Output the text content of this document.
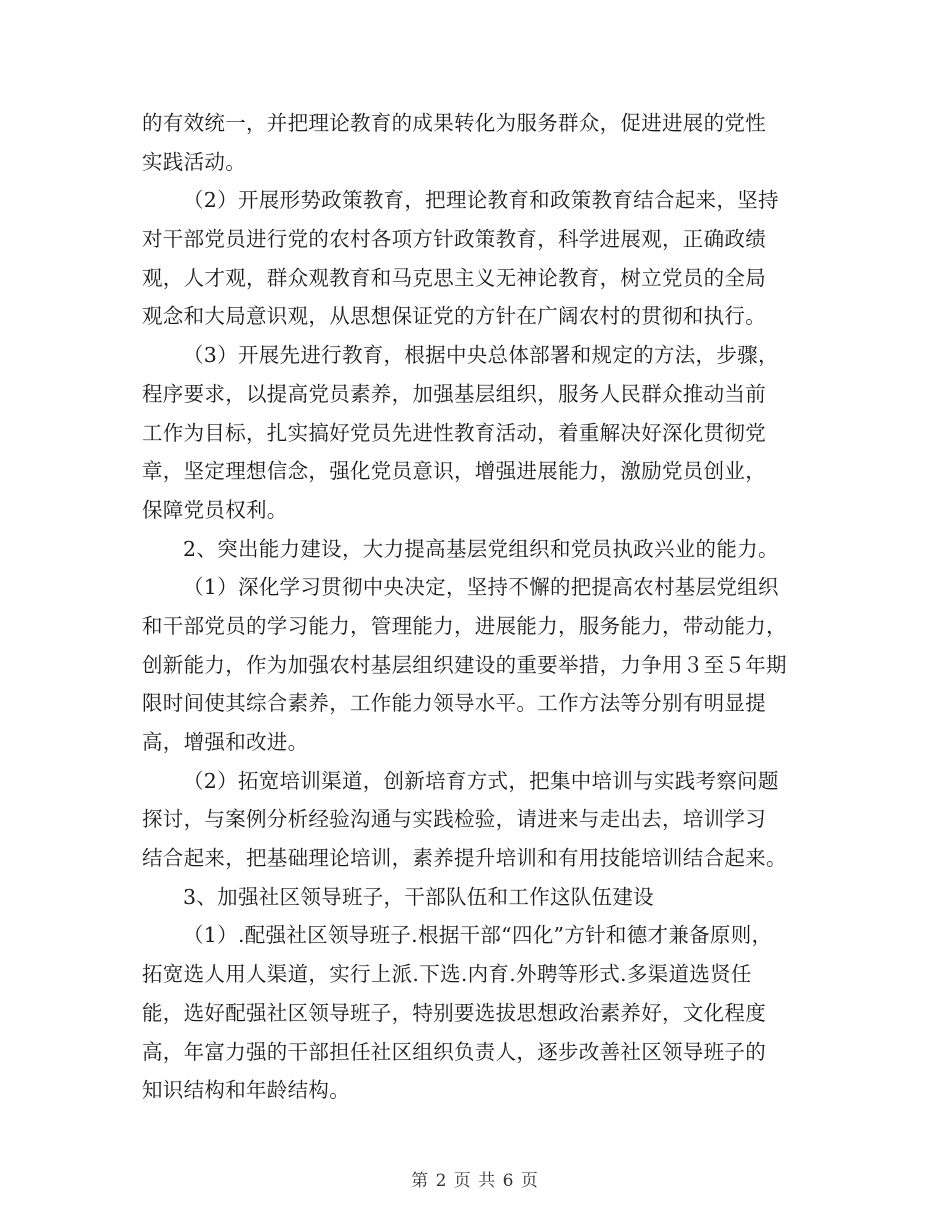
的有效统一，并把理论教育的成果转化为服务群众，促进进展的党性
实践活动。
（2）开展形势政策教育，把理论教育和政策教育结合起来，坚持
对干部党员进行党的农村各项方针政策教育，科学进展观，正确政绩
观，人才观，群众观教育和马克思主义无神论教育，树立党员的全局
观念和大局意识观，从思想保证党的方针在广阔农村的贯彻和执行。
（3）开展先进行教育，根据中央总体部署和规定的方法，步骤，
程序要求，以提高党员素养，加强基层组织，服务人民群众推动当前
工作为目标，扎实搞好党员先进性教育活动，着重解决好深化贯彻党
章，坚定理想信念，强化党员意识，增强进展能力，激励党员创业，
保障党员权利。
2、突出能力建设，大力提高基层党组织和党员执政兴业的能力。
（1）深化学习贯彻中央决定，坚持不懈的把提高农村基层党组织
和干部党员的学习能力，管理能力，进展能力，服务能力，带动能力，
创新能力，作为加强农村基层组织建设的重要举措，力争用３至５年期
限时间使其综合素养，工作能力领导水平。工作方法等分别有明显提
高，增强和改进。
（2）拓宽培训渠道，创新培育方式，把集中培训与实践考察问题
探讨，与案例分析经验沟通与实践检验，请进来与走出去，培训学习
结合起来，把基础理论培训，素养提升培训和有用技能培训结合起来。
3、加强社区领导班子，干部队伍和工作这队伍建设
（1）.配强社区领导班子.根据干部“四化”方针和德才兼备原则，
拓宽选人用人渠道，实行上派.下选.内育.外聘等形式.多渠道选贤任
能，选好配强社区领导班子，特别要选拔思想政治素养好，文化程度
高，年富力强的干部担任社区组织负责人，逐步改善社区领导班子的
知识结构和年龄结构。
第 2 页 共 6 页
